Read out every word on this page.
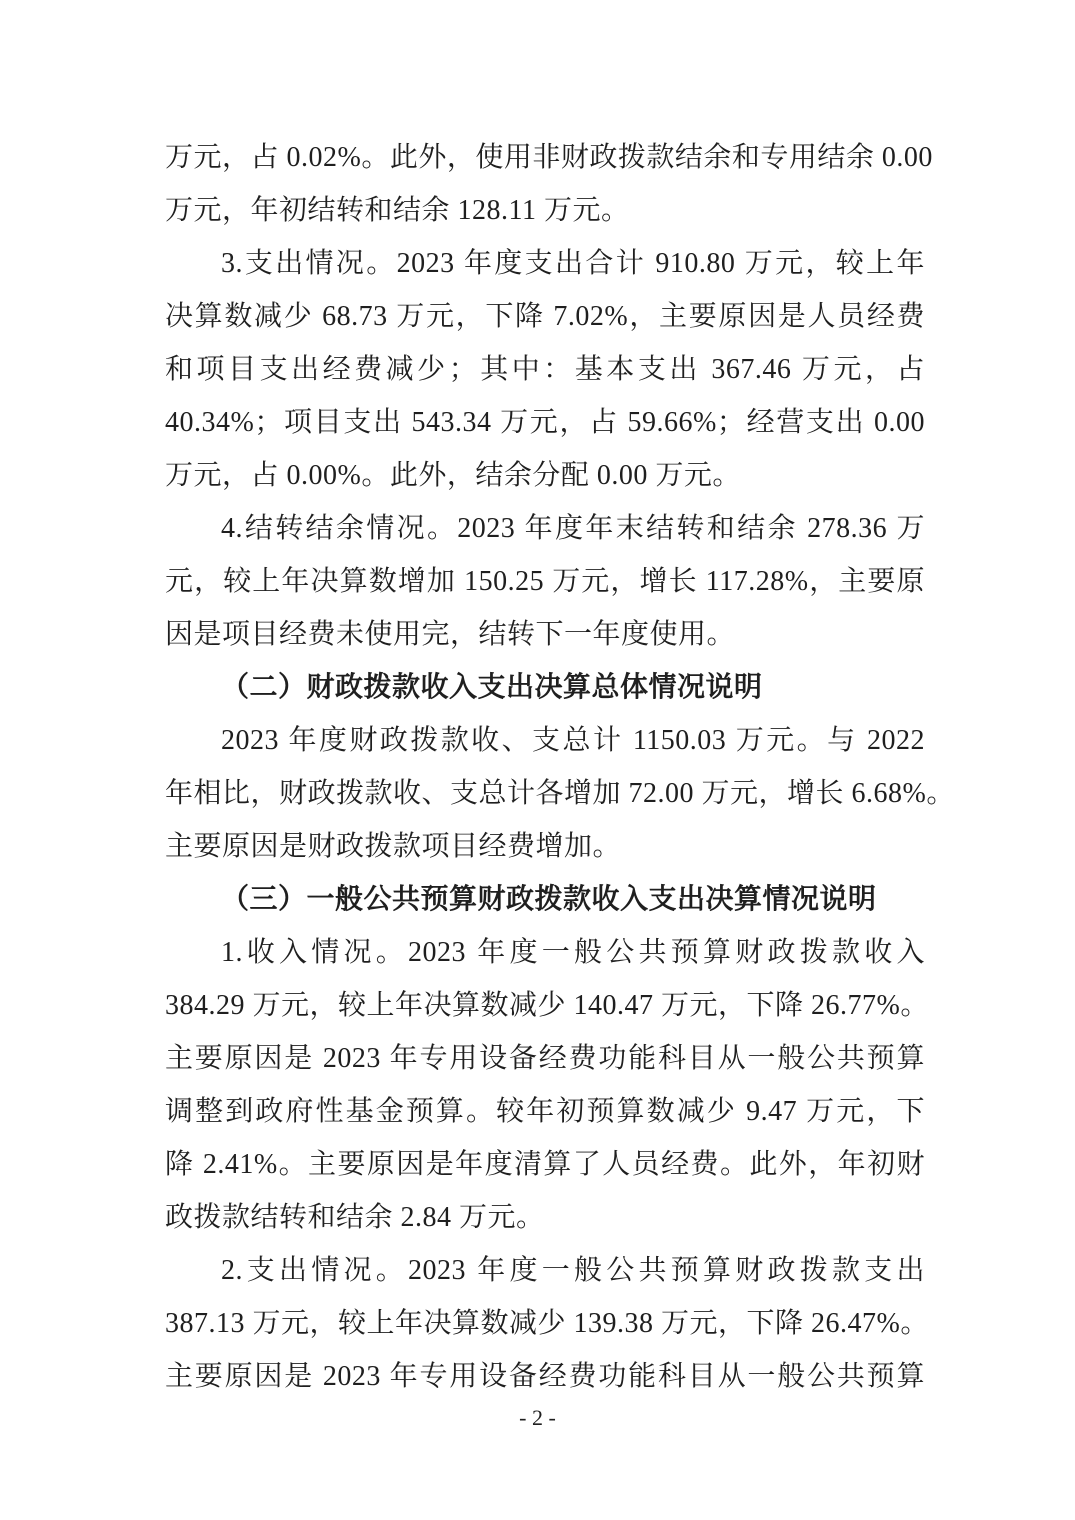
万元，占 0.02%。此外，使用非财政拨款结余和专用结余 0.00
万元，年初结转和结余 128.11 万元。
3.支出情况。2023 年度支出合计 910.80 万元，较上年
决算数减少 68.73 万元，下降 7.02%，主要原因是人员经费
和项目支出经费减少；其中：基本支出 367.46 万元，占
40.34%；项目支出 543.34 万元，占 59.66%；经营支出 0.00
万元，占 0.00%。此外，结余分配 0.00 万元。
4.结转结余情况。2023 年度年末结转和结余 278.36 万
元，较上年决算数增加 150.25 万元，增长 117.28%，主要原
因是项目经费未使用完，结转下一年度使用。
（二）财政拨款收入支出决算总体情况说明
2023 年度财政拨款收、支总计 1150.03 万元。与 2022
年相比，财政拨款收、支总计各增加 72.00 万元，增长 6.68%。
主要原因是财政拨款项目经费增加。
（三）一般公共预算财政拨款收入支出决算情况说明
1.收入情况。2023 年度一般公共预算财政拨款收入
384.29 万元，较上年决算数减少 140.47 万元，下降 26.77%。
主要原因是 2023 年专用设备经费功能科目从一般公共预算
调整到政府性基金预算。较年初预算数减少 9.47 万元，下
降 2.41%。主要原因是年度清算了人员经费。此外，年初财
政拨款结转和结余 2.84 万元。
2.支出情况。2023 年度一般公共预算财政拨款支出
387.13 万元，较上年决算数减少 139.38 万元，下降 26.47%。
主要原因是 2023 年专用设备经费功能科目从一般公共预算
- 2 -
